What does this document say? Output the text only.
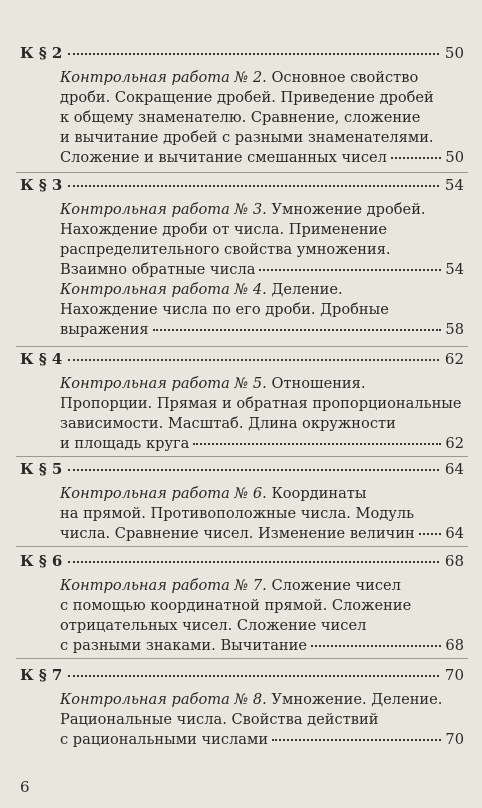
К § 2	50
Контрольная работа № 2. Основное свойство
дроби. Сокращение дробей. Приведение дробей
к общему знаменателю. Сравнение, сложение
и вычитание дробей с разными знаменателями.
Сложение и вычитание смешанных чисел	50
К § 3	54
Контрольная работа № 3. Умножение дробей.
Нахождение дроби от числа. Применение
распределительного свойства умножения.
Взаимно обратные числа	54
Контрольная работа № 4. Деление.
Нахождение числа по его дроби. Дробные
выражения	58
К § 4	62
Контрольная работа № 5. Отношения.
Пропорции. Прямая и обратная пропорциональные
зависимости. Масштаб. Длина окружности
и площадь круга	62
К § 5	64
Контрольная работа № 6. Координаты
на прямой. Противоположные числа. Модуль
числа. Сравнение чисел. Изменение величин 64
К § 6	68
Контрольная работа № 7. Сложение чисел
с помощью координатной прямой. Сложение
отрицательных чисел. Сложение чисел
с разными знаками. Вычитание	68
К § 7	70
Контрольная работа № 8. Умножение. Деление.
Рациональные числа. Свойства действий
с рациональными числами	70
6
